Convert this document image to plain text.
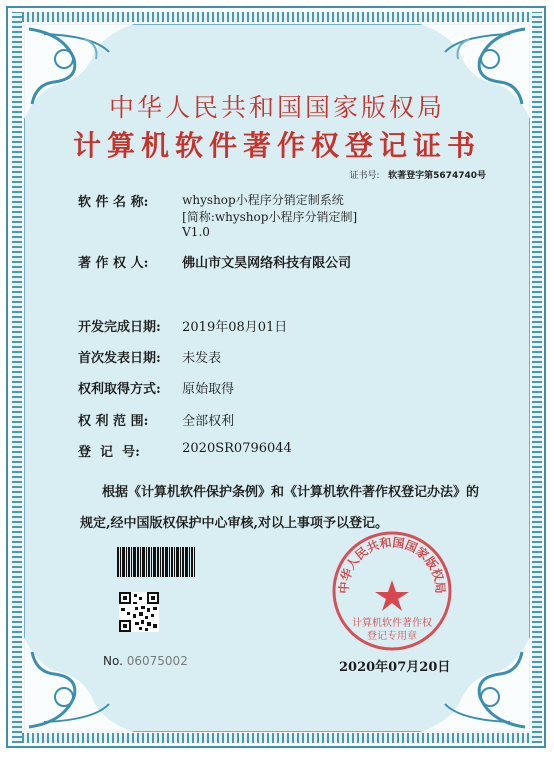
中华人民共和国国家版权局
计算机软件著作权登记证书
证书号: 软著登字第5674740号
软 件 名 称:	whyshop小程序分销定制系统
[简称:whyshop小程序分销定制]
V1.0
著 作 权 人:	佛山市文昊网络科技有限公司
开发完成日期: 2019年08月01日
首次发表日期: 未发表
权利取得方式: 原始取得
权 利 范 围:	全部权利
登  记  号:	2020SR0796044
根据《计算机软件保护条例》和《计算机软件著作权登记办法》的
规定,经中国版权保护中心审核,对以上事项予以登记。
No. 06075002
中华人民共和国国家版权局
计算机软件著作权
登记专用章
2020年07月20日
